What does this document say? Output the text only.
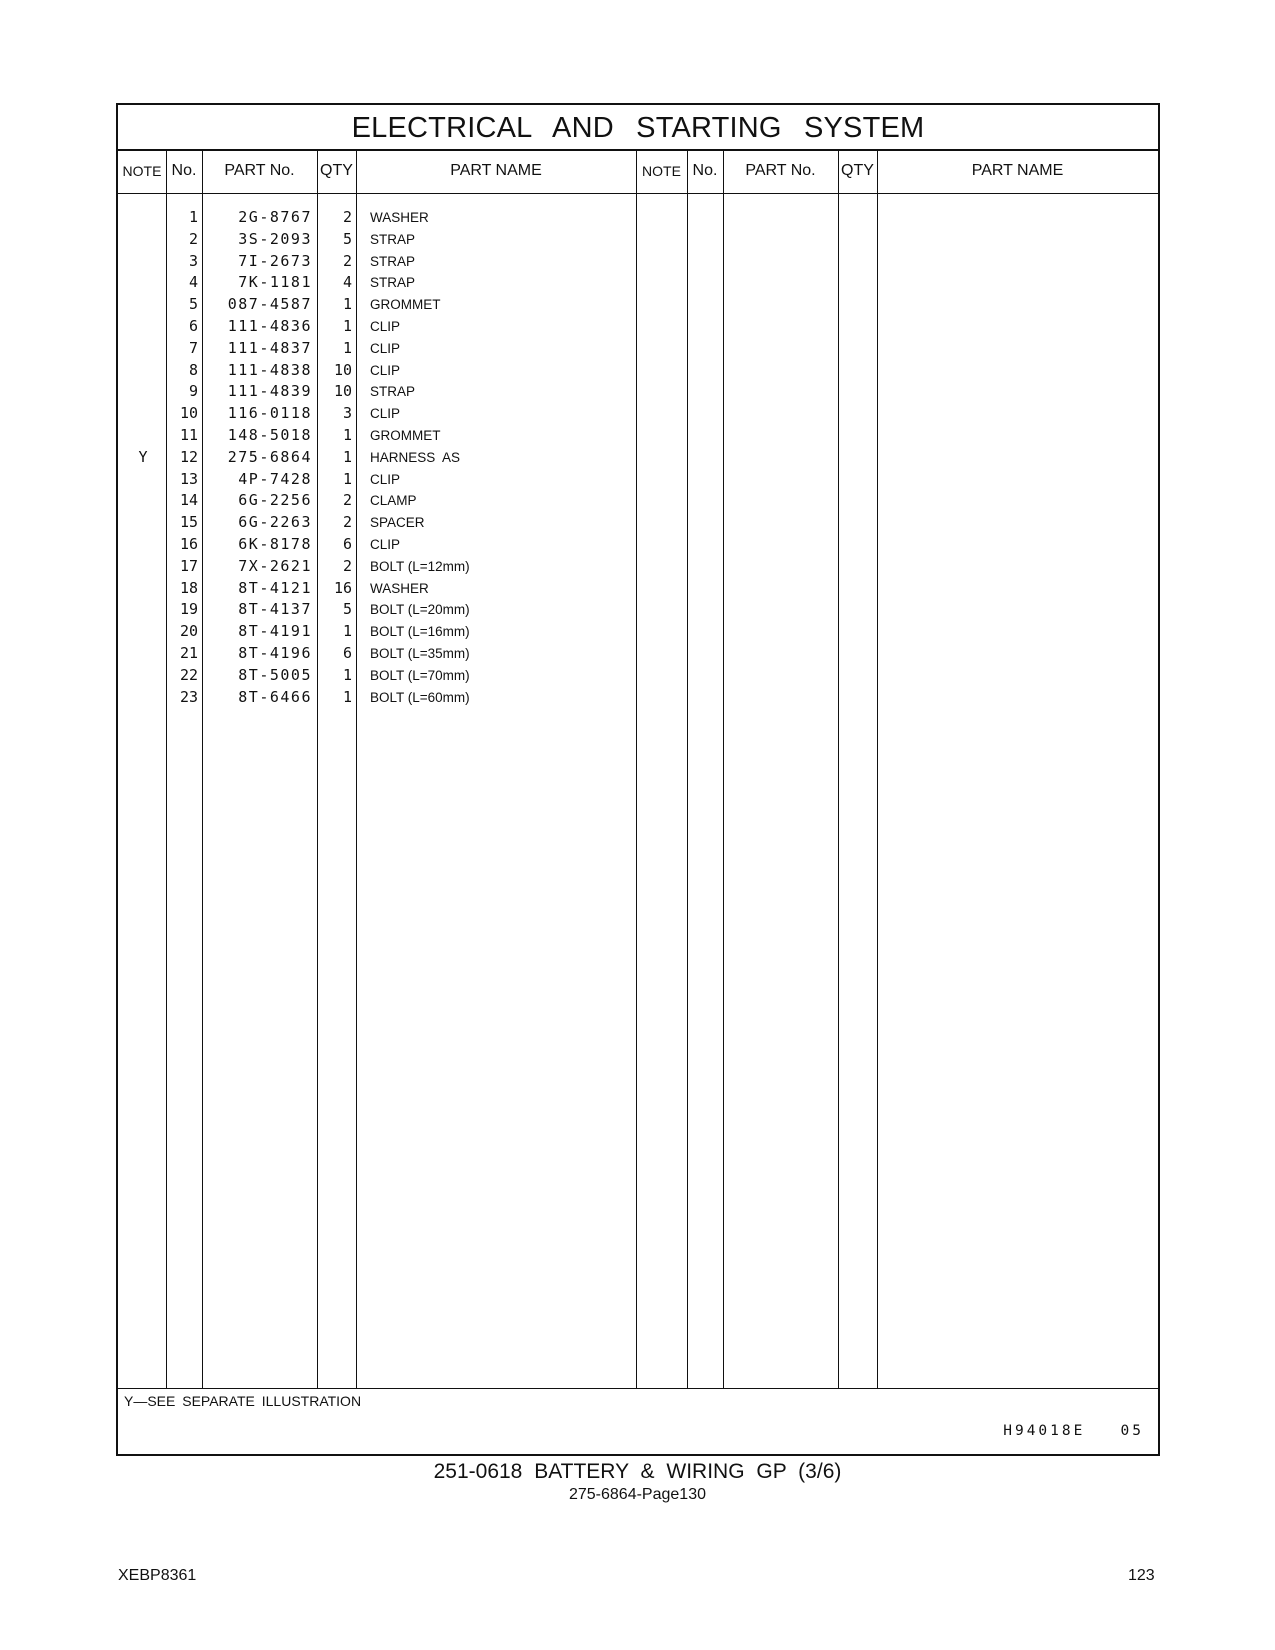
ELECTRICAL AND STARTING SYSTEM
NOTE No.	PART No.	QTY	PART NAME	NOTE No.	PART No.	QTY	PART NAME
1	2G-8767	2 WASHER
2	3S-2093	5 STRAP
3	7I-2673	2 STRAP
4	7K-1181	4 STRAP
5	087-4587	1 GROMMET
6	111-4836	1 CLIP
7	111-4837	1 CLIP
8	111-4838	10 CLIP
9	111-4839	10 STRAP
10	116-0118	3 CLIP
11	148-5018	1 GROMMET
Y	12	275-6864	1 HARNESS  AS
13	4P-7428	1 CLIP
14	6G-2256	2 CLAMP
15	6G-2263	2 SPACER
16	6K-8178	6 CLIP
17	7X-2621	2 BOLT (L=12mm)
18	8T-4121	16 WASHER
19	8T-4137	5 BOLT (L=20mm)
20	8T-4191	1 BOLT (L=16mm)
21	8T-4196	6 BOLT (L=35mm)
22	8T-5005	1 BOLT (L=70mm)
23	8T-6466	1 BOLT (L=60mm)
Y—SEE SEPARATE ILLUSTRATION
H94018E   05
251-0618 BATTERY & WIRING GP (3/6)
275-6864-Page130
XEBP8361	123
